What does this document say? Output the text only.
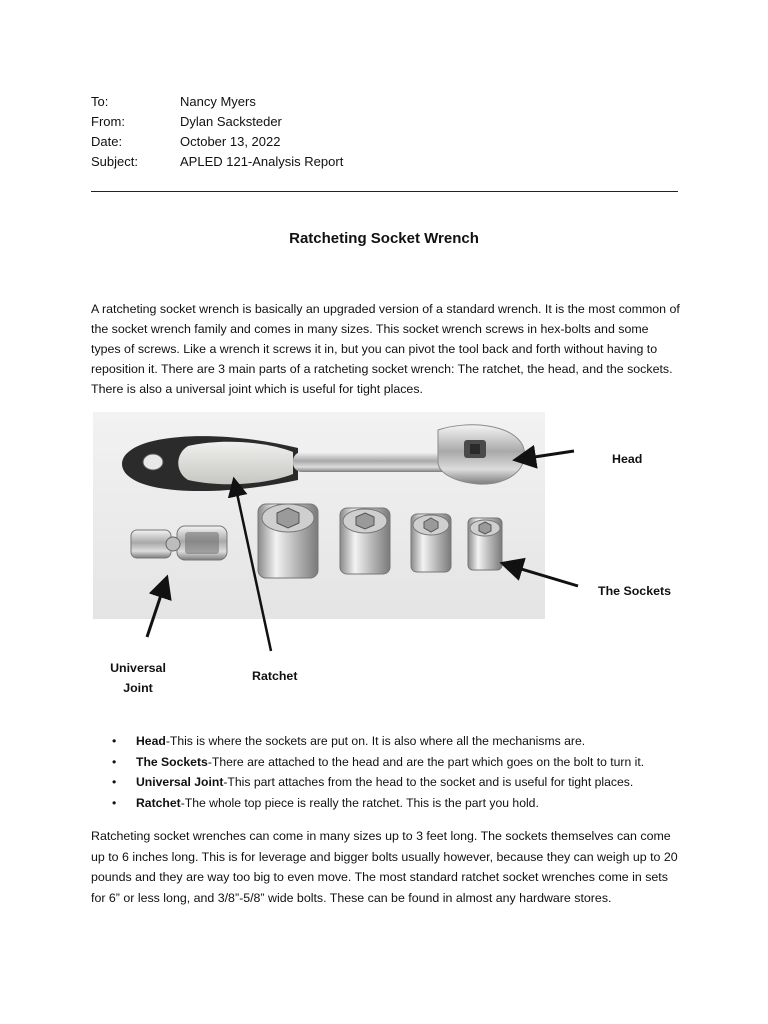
To:	Nancy Myers
From:	Dylan Sacksteder
Date:	October 13, 2022
Subject:	APLED 121-Analysis Report
Ratcheting Socket Wrench

A ratcheting socket wrench is basically an upgraded version of a standard wrench. It is the most common of the socket wrench family and comes in many sizes. This socket wrench screws in hex-bolts and some types of screws. Like a wrench it screws it in, but you can pivot the tool back and forth without having to reposition it. There are 3 main parts of a ratcheting socket wrench: The ratchet, the head, and the sockets. There is also a universal joint which is useful for tight places.

Head
The Sockets
Universal
Joint
Ratchet
• Head-This is where the sockets are put on. It is also where all the mechanisms are.
• The Sockets-There are attached to the head and are the part which goes on the bolt to turn it.
• Universal Joint-This part attaches from the head to the socket and is useful for tight places.
• Ratchet-The whole top piece is really the ratchet. This is the part you hold.

Ratcheting socket wrenches can come in many sizes up to 3 feet long. The sockets themselves can come up to 6 inches long. This is for leverage and bigger bolts usually however, because they can weigh up to 20 pounds and they are way too big to even move. The most standard ratchet socket wrenches come in sets for 6” or less long, and 3/8”-5/8” wide bolts. These can be found in almost any hardware stores.
